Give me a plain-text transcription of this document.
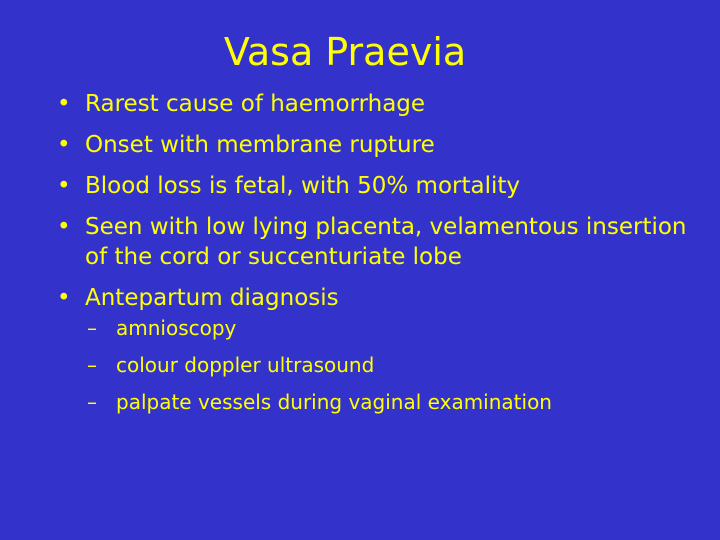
Vasa Praevia
• Rarest cause of haemorrhage
• Onset with membrane rupture
• Blood loss is fetal, with 50% mortality
• Seen with low lying placenta, velamentous insertion of the cord or succenturiate lobe
• Antepartum diagnosis
– amnioscopy
– colour doppler ultrasound
– palpate vessels during vaginal examination
